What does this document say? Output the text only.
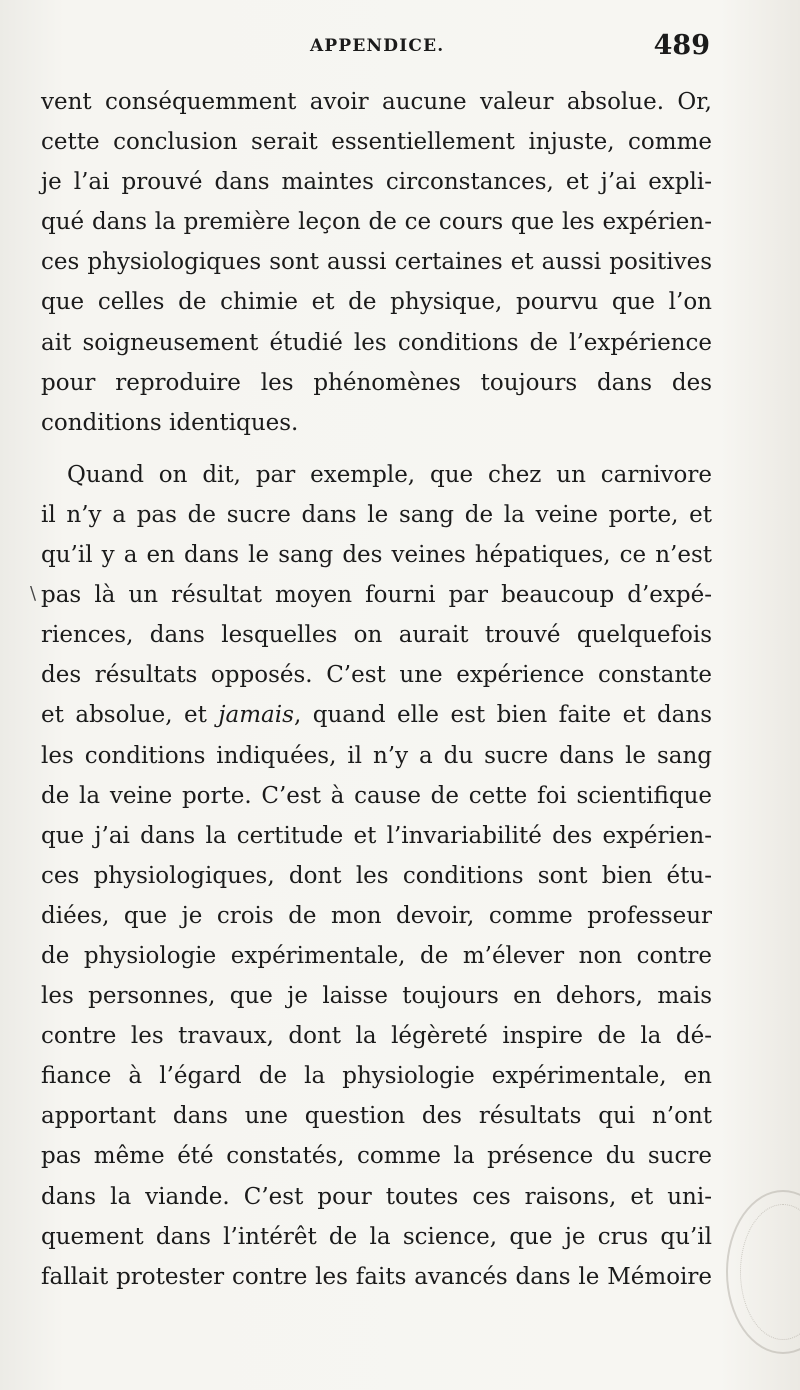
APPENDICE.	489
\

vent conséquemment avoir aucune valeur absolue. Or,
cette conclusion serait essentiellement injuste, comme
je l’ai prouvé dans maintes circonstances, et j’ai expli-
qué dans la première leçon de ce cours que les expérien-
ces physiologiques sont aussi certaines et aussi positives
que celles de chimie et de physique, pourvu que l’on
ait soigneusement étudié les conditions de l’expérience
pour reproduire les phénomènes toujours dans des
conditions identiques.

Quand on dit, par exemple, que chez un carnivore
il n’y a pas de sucre dans le sang de la veine porte, et
qu’il y a en dans le sang des veines hépatiques, ce n’est
pas là un résultat moyen fourni par beaucoup d’expé-
riences, dans lesquelles on aurait trouvé quelquefois
des résultats opposés. C’est une expérience constante
et absolue, et jamais, quand elle est bien faite et dans
les conditions indiquées, il n’y a du sucre dans le sang
de la veine porte. C’est à cause de cette foi scientifique
que j’ai dans la certitude et l’invariabilité des expérien-
ces physiologiques, dont les conditions sont bien étu-
diées, que je crois de mon devoir, comme professeur
de physiologie expérimentale, de m’élever non contre
les personnes, que je laisse toujours en dehors, mais
contre les travaux, dont la légèreté inspire de la dé-
fiance à l’égard de la physiologie expérimentale, en
apportant dans une question des résultats qui n’ont
pas même été constatés, comme la présence du sucre
dans la viande. C’est pour toutes ces raisons, et uni-
quement dans l’intérêt de la science, que je crus qu’il
fallait protester contre les faits avancés dans le Mémoire
